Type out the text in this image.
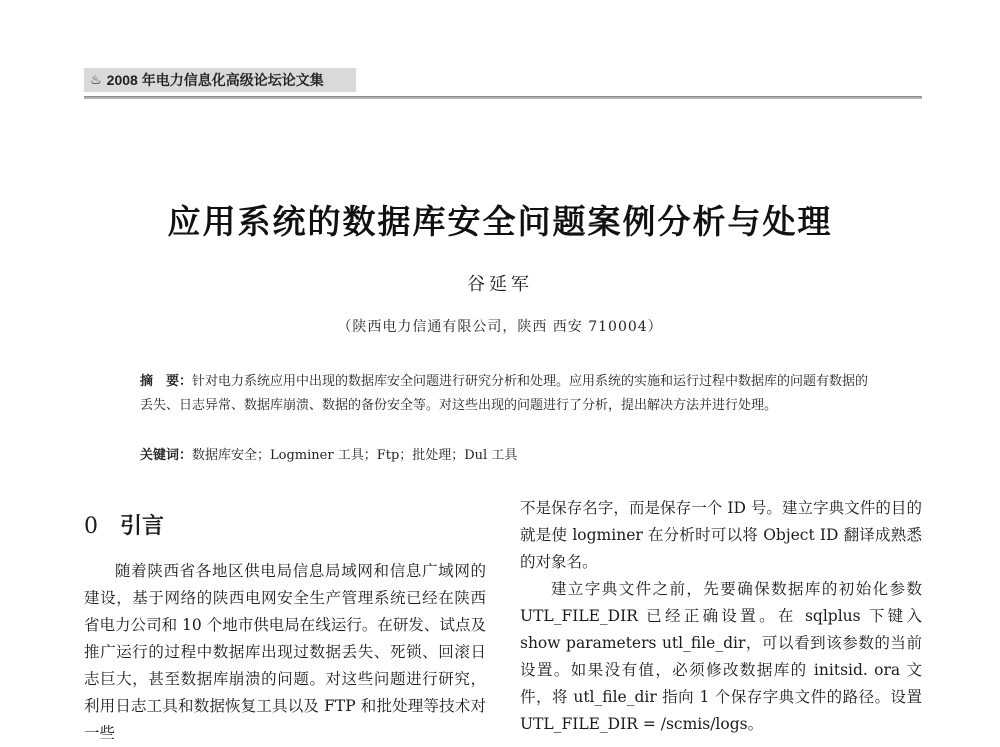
♨ 2008 年电力信息化高级论坛论文集
应用系统的数据库安全问题案例分析与处理
谷延军
（陕西电力信通有限公司，陕西 西安 710004）
摘　要：针对电力系统应用中出现的数据库安全问题进行研究分析和处理。应用系统的实施和运行过程中数据库的问题有数据的丢失、日志异常、数据库崩溃、数据的备份安全等。对这些出现的问题进行了分析，提出解决方法并进行处理。
关键词：数据库安全；Logminer 工具；Ftp；批处理；Dul 工具
0 引言

随着陕西省各地区供电局信息局域网和信息广域网的建设，基于网络的陕西电网安全生产管理系统已经在陕西省电力公司和 10 个地市供电局在线运行。在研发、试点及推广运行的过程中数据库出现过数据丢失、死锁、回滚日志巨大，甚至数据库崩溃的问题。对这些问题进行研究，利用日志工具和数据恢复工具以及 FTP 和批处理等技术对一些

不是保存名字，而是保存一个 ID 号。建立字典文件的目的就是使 logminer 在分析时可以将 Object ID 翻译成熟悉的对象名。

建立字典文件之前，先要确保数据库的初始化参数 UTL_FILE_DIR 已经正确设置。在 sqlplus 下键入 show parameters utl_file_dir，可以看到该参数的当前设置。如果没有值，必须修改数据库的 initsid. ora 文件，将 utl_file_dir 指向 1 个保存字典文件的路径。设置 UTL_FILE_DIR = /scmis/logs。
